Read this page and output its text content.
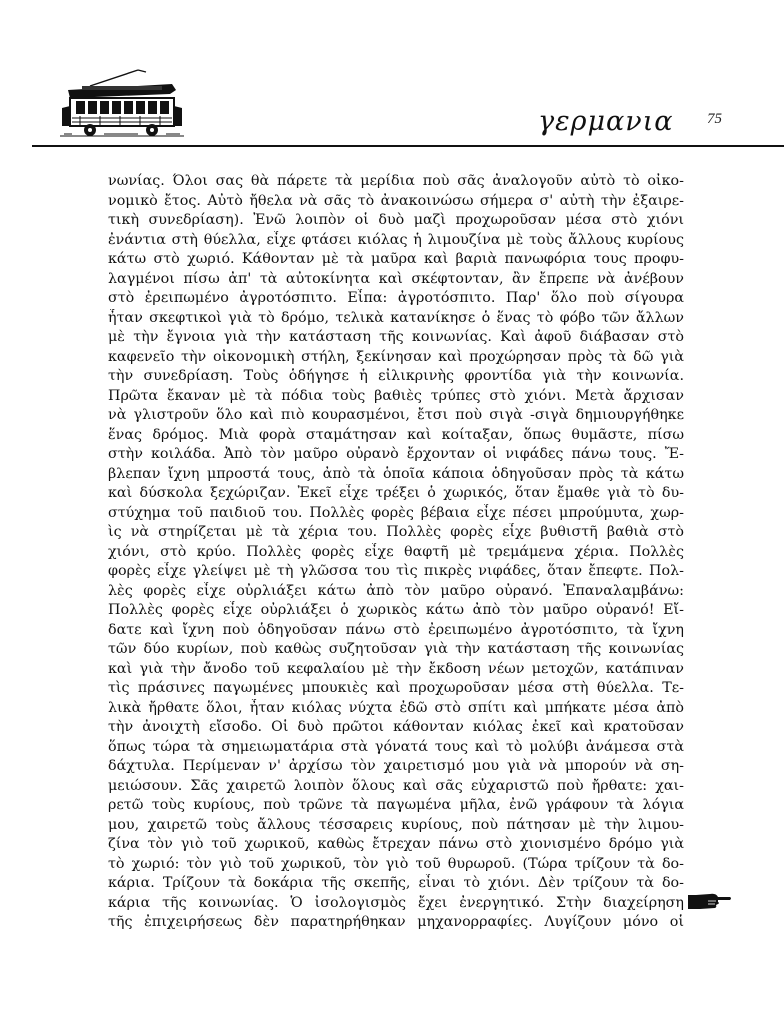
γερμανια 75
νωνίας. Όλοι σας θὰ πάρετε τὰ μερίδια ποὺ σᾶς ἀναλογοῦν αὐτὸ τὸ οἰκο-
νομικὸ ἔτος. Αὐτὸ ἤθελα νὰ σᾶς τὸ ἀνακοινώσω σήμερα σ' αὐτὴ τὴν ἐξαιρε-
τικὴ συνεδρίαση). Ἐνῶ λοιπὸν οἱ δυὸ μαζὶ προχωροῦσαν μέσα στὸ χιόνι
ἐνάντια στὴ θύελλα, εἶχε φτάσει κιόλας ἡ λιμουζίνα μὲ τοὺς ἄλλους κυρίους
κάτω στὸ χωριό. Κάθονταν μὲ τὰ μαῦρα καὶ βαριὰ πανωφόρια τους προφυ-
λαγμένοι πίσω ἀπ' τὰ αὐτοκίνητα καὶ σκέφτονταν, ἂν ἔπρεπε νὰ ἀνέβουν
στὸ ἐρειπωμένο ἀγροτόσπιτο. Εἶπα: ἀγροτόσπιτο. Παρ' ὅλο ποὺ σίγουρα
ἦταν σκεφτικοὶ γιὰ τὸ δρόμο, τελικὰ κατανίκησε ὁ ἕνας τὸ φόβο τῶν ἄλλων
μὲ τὴν ἔγνοια γιὰ τὴν κατάσταση τῆς κοινωνίας. Καὶ ἀφοῦ διάβασαν στὸ
καφενεῖο τὴν οἰκονομικὴ στήλη, ξεκίνησαν καὶ προχώρησαν πρὸς τὰ δῶ γιὰ
τὴν συνεδρίαση. Τοὺς ὁδήγησε ἡ εἰλικρινὴς φροντίδα γιὰ τὴν κοινωνία.
Πρῶτα ἔκαναν μὲ τὰ πόδια τοὺς βαθιὲς τρύπες στὸ χιόνι. Μετὰ ἄρχισαν
νὰ γλιστροῦν ὅλο καὶ πιὸ κουρασμένοι, ἔτσι ποὺ σιγὰ -σιγὰ δημιουργήθηκε
ἕνας δρόμος. Μιὰ φορὰ σταμάτησαν καὶ κοίταξαν, ὅπως θυμᾶστε, πίσω
στὴν κοιλάδα. Ἀπὸ τὸν μαῦρο οὐρανὸ ἔρχονταν οἱ νιφάδες πάνω τους. Ἔ-
βλεπαν ἴχνη μπροστά τους, ἀπὸ τὰ ὁποῖα κάποια ὁδηγοῦσαν πρὸς τὰ κάτω
καὶ δύσκολα ξεχώριζαν. Ἐκεῖ εἶχε τρέξει ὁ χωρικός, ὅταν ἔμαθε γιὰ τὸ δυ-
στύχημα τοῦ παιδιοῦ του. Πολλὲς φορὲς βέβαια εἶχε πέσει μπρούμυτα, χωρ-
ὶς νὰ στηρίζεται μὲ τὰ χέρια του. Πολλὲς φορὲς εἶχε βυθιστῆ βαθιὰ στὸ
χιόνι, στὸ κρύο. Πολλὲς φορὲς εἶχε θαφτῆ μὲ τρεμάμενα χέρια. Πολλὲς
φορὲς εἶχε γλείψει μὲ τὴ γλῶσσα του τὶς πικρὲς νιφάδες, ὅταν ἔπεφτε. Πολ-
λὲς φορὲς εἶχε οὐρλιάξει κάτω ἀπὸ τὸν μαῦρο οὐρανό. Ἐπαναλαμβάνω:
Πολλὲς φορὲς εἶχε οὐρλιάξει ὁ χωρικὸς κάτω ἀπὸ τὸν μαῦρο οὐρανό! Εἴ-
δατε καὶ ἴχνη ποὺ ὁδηγοῦσαν πάνω στὸ ἐρειπωμένο ἀγροτόσπιτο, τὰ ἴχνη
τῶν δύο κυρίων, ποὺ καθὼς συζητοῦσαν γιὰ τὴν κατάσταση τῆς κοινωνίας
καὶ γιὰ τὴν ἄνοδο τοῦ κεφαλαίου μὲ τὴν ἔκδοση νέων μετοχῶν, κατάπιναν
τὶς πράσινες παγωμένες μπουκιὲς καὶ προχωροῦσαν μέσα στὴ θύελλα. Τε-
λικὰ ἤρθατε ὅλοι, ἦταν κιόλας νύχτα ἐδῶ στὸ σπίτι καὶ μπήκατε μέσα ἀπὸ
τὴν ἀνοιχτὴ εἴσοδο. Οἱ δυὸ πρῶτοι κάθονταν κιόλας ἐκεῖ καὶ κρατοῦσαν
ὅπως τώρα τὰ σημειωματάρια στὰ γόνατά τους καὶ τὸ μολύβι ἀνάμεσα στὰ
δάχτυλα. Περίμεναν ν' ἀρχίσω τὸν χαιρετισμό μου γιὰ νὰ μπορούν νὰ ση-
μειώσουν. Σᾶς χαιρετῶ λοιπὸν ὅλους καὶ σᾶς εὐχαριστῶ ποὺ ἤρθατε: χαι-
ρετῶ τοὺς κυρίους, ποὺ τρῶνε τὰ παγωμένα μῆλα, ἐνῶ γράφουν τὰ λόγια
μου, χαιρετῶ τοὺς ἄλλους τέσσαρεις κυρίους, ποὺ πάτησαν μὲ τὴν λιμου-
ζίνα τὸν γιὸ τοῦ χωρικοῦ, καθὼς ἔτρεχαν πάνω στὸ χιονισμένο δρόμο γιὰ
τὸ χωριό: τὸν γιὸ τοῦ χωρικοῦ, τὸν γιὸ τοῦ θυρωροῦ. (Τώρα τρίζουν τὰ δο-
κάρια. Τρίζουν τὰ δοκάρια τῆς σκεπῆς, εἶναι τὸ χιόνι. Δὲν τρίζουν τὰ δο-
κάρια τῆς κοινωνίας. Ὁ ἰσολογισμὸς ἔχει ἐνεργητικό. Στὴν διαχείρηση
τῆς ἐπιχειρήσεως δὲν παρατηρήθηκαν μηχανορραφίες. Λυγίζουν μόνο οἱ
